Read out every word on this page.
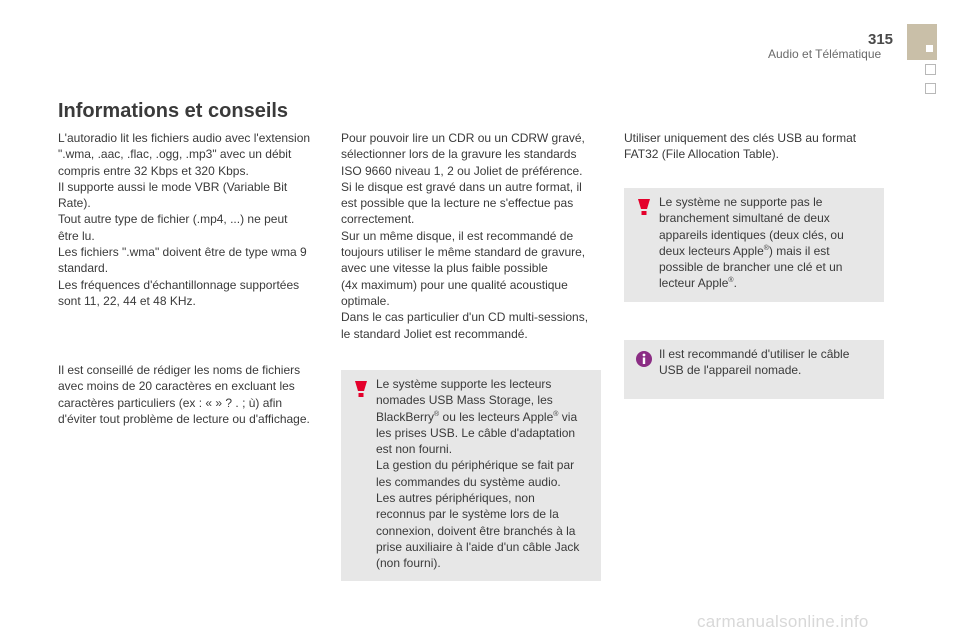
315
Audio et Télématique
Informations et conseils

L'autoradio lit les fichiers audio avec l'extension

".wma, .aac, .flac, .ogg, .mp3" avec un débit

compris entre 32 Kbps et 320 Kbps.

Il supporte aussi le mode VBR (Variable Bit

Rate).

Tout autre type de fichier (.mp4, ...) ne peut

être lu.

Les fichiers ".wma" doivent être de type wma 9

standard.

Les fréquences d'échantillonnage supportées

sont 11, 22, 44 et 48 KHz.

Il est conseillé de rédiger les noms de fichiers

avec moins de 20 caractères en excluant les

caractères particuliers (ex : « » ? . ; ù) afin

d'éviter tout problème de lecture ou d'affichage.

Pour pouvoir lire un CDR ou un CDRW gravé,

sélectionner lors de la gravure les standards

ISO 9660 niveau 1, 2 ou Joliet de préférence.

Si le disque est gravé dans un autre format, il

est possible que la lecture ne s'effectue pas

correctement.

Sur un même disque, il est recommandé de

toujours utiliser le même standard de gravure,

avec une vitesse la plus faible possible

(4x maximum) pour une qualité acoustique

optimale.

Dans le cas particulier d'un CD multi-sessions,

le standard Joliet est recommandé.

Le système supporte les lecteurs

nomades USB Mass Storage, les

BlackBerry® ou les lecteurs Apple® via

les prises USB. Le câble d'adaptation

est non fourni.

La gestion du périphérique se fait par

les commandes du système audio.

Les autres périphériques, non

reconnus par le système lors de la

connexion, doivent être branchés à la

prise auxiliaire à l'aide d'un câble Jack

(non fourni).

Utiliser uniquement des clés USB au format

FAT32 (File Allocation Table).

Le système ne supporte pas le

branchement simultané de deux

appareils identiques (deux clés, ou

deux lecteurs Apple®) mais il est

possible de brancher une clé et un

lecteur Apple®.

Il est recommandé d'utiliser le câble

USB de l'appareil nomade.

carmanualsonline.info
